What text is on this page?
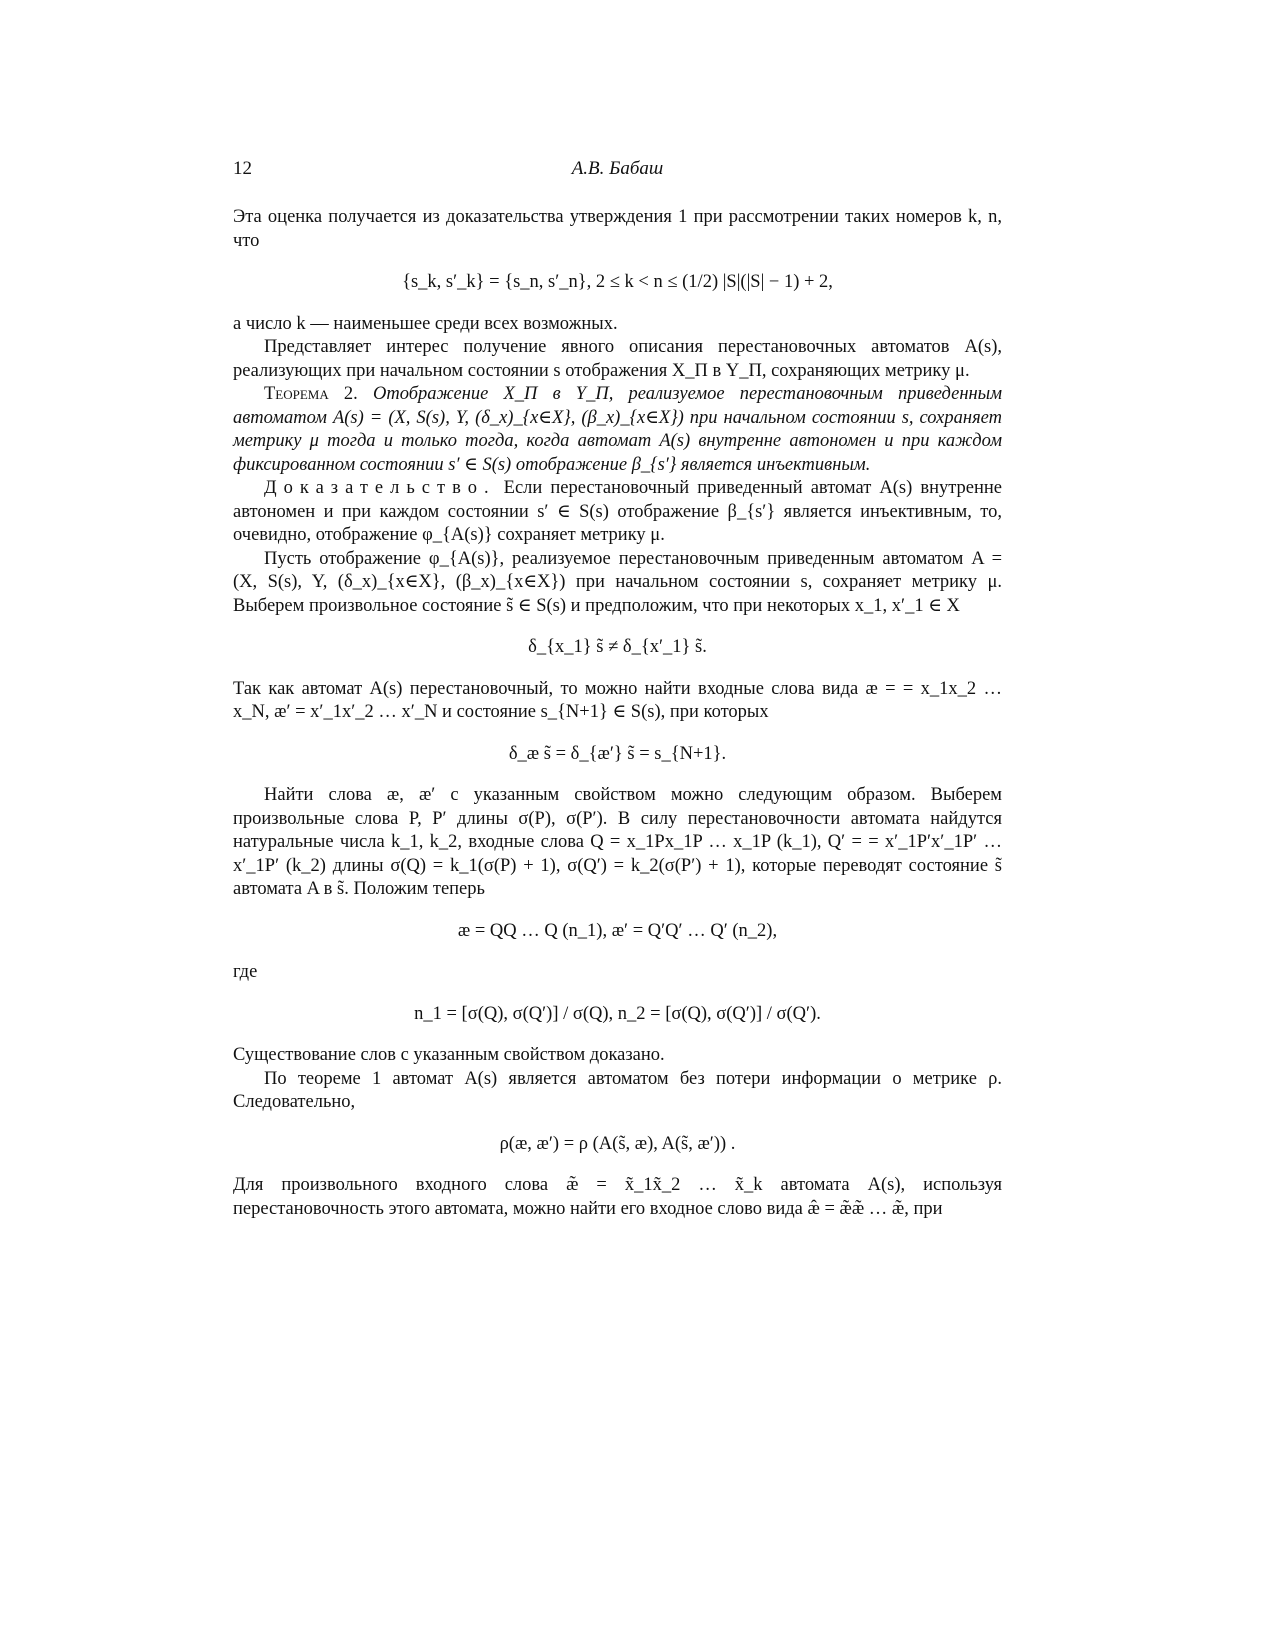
12	А.В. Бабаш

Эта оценка получается из доказательства утверждения 1 при рассмотрении таких номеров k, n, что

{s_k, s′_k} = {s_n, s′_n}, 2 ≤ k < n ≤ (1/2) |S|(|S| − 1) + 2,

а число k — наименьшее среди всех возможных.

Представляет интерес получение явного описания перестановочных автоматов A(s), реализующих при начальном состоянии s отображения X_Π в Y_Π, сохраняющих метрику μ.

Теорема 2. Отображение X_Π в Y_Π, реализуемое перестановочным приведенным автоматом A(s) = (X, S(s), Y, (δ_x)_{x∈X}, (β_x)_{x∈X}) при начальном состоянии s, сохраняет метрику μ тогда и только тогда, когда автомат A(s) внутренне автономен и при каждом фиксированном состоянии s′ ∈ S(s) отображение β_{s′} является инъективным.

Доказательство. Если перестановочный приведенный автомат A(s) внутренне автономен и при каждом состоянии s′ ∈ S(s) отображение β_{s′} является инъективным, то, очевидно, отображение φ_{A(s)} сохраняет метрику μ.

Пусть отображение φ_{A(s)}, реализуемое перестановочным приведенным автоматом A = (X, S(s), Y, (δ_x)_{x∈X}, (β_x)_{x∈X}) при начальном состоянии s, сохраняет метрику μ. Выберем произвольное состояние s̃ ∈ S(s) и предположим, что при некоторых x_1, x′_1 ∈ X

δ_{x_1} s̃ ≠ δ_{x′_1} s̃.

Так как автомат A(s) перестановочный, то можно найти входные слова вида æ = = x_1x_2 … x_N, æ′ = x′_1x′_2 … x′_N и состояние s_{N+1} ∈ S(s), при которых

δ_æ s̃ = δ_{æ′} s̃ = s_{N+1}.

Найти слова æ, æ′ с указанным свойством можно следующим образом. Выберем произвольные слова P, P′ длины σ(P), σ(P′). В силу перестановочности автомата найдутся натуральные числа k_1, k_2, входные слова Q = x_1Px_1P … x_1P (k_1), Q′ = = x′_1P′x′_1P′ … x′_1P′ (k_2) длины σ(Q) = k_1(σ(P) + 1), σ(Q′) = k_2(σ(P′) + 1), которые переводят состояние s̃ автомата A в s̃. Положим теперь

æ = QQ … Q (n_1), æ′ = Q′Q′ … Q′ (n_2),

где

n_1 = [σ(Q), σ(Q′)] / σ(Q), n_2 = [σ(Q), σ(Q′)] / σ(Q′).

Существование слов с указанным свойством доказано.

По теореме 1 автомат A(s) является автоматом без потери информации о метрике ρ. Следовательно,

ρ(æ, æ′) = ρ (A(s̃, æ), A(s̃, æ′)) .

Для произвольного входного слова æ̃ = x̃_1x̃_2 … x̃_k автомата A(s), используя перестановочность этого автомата, можно найти его входное слово вида æ̂ = æ̃æ̃ … æ̃, при
